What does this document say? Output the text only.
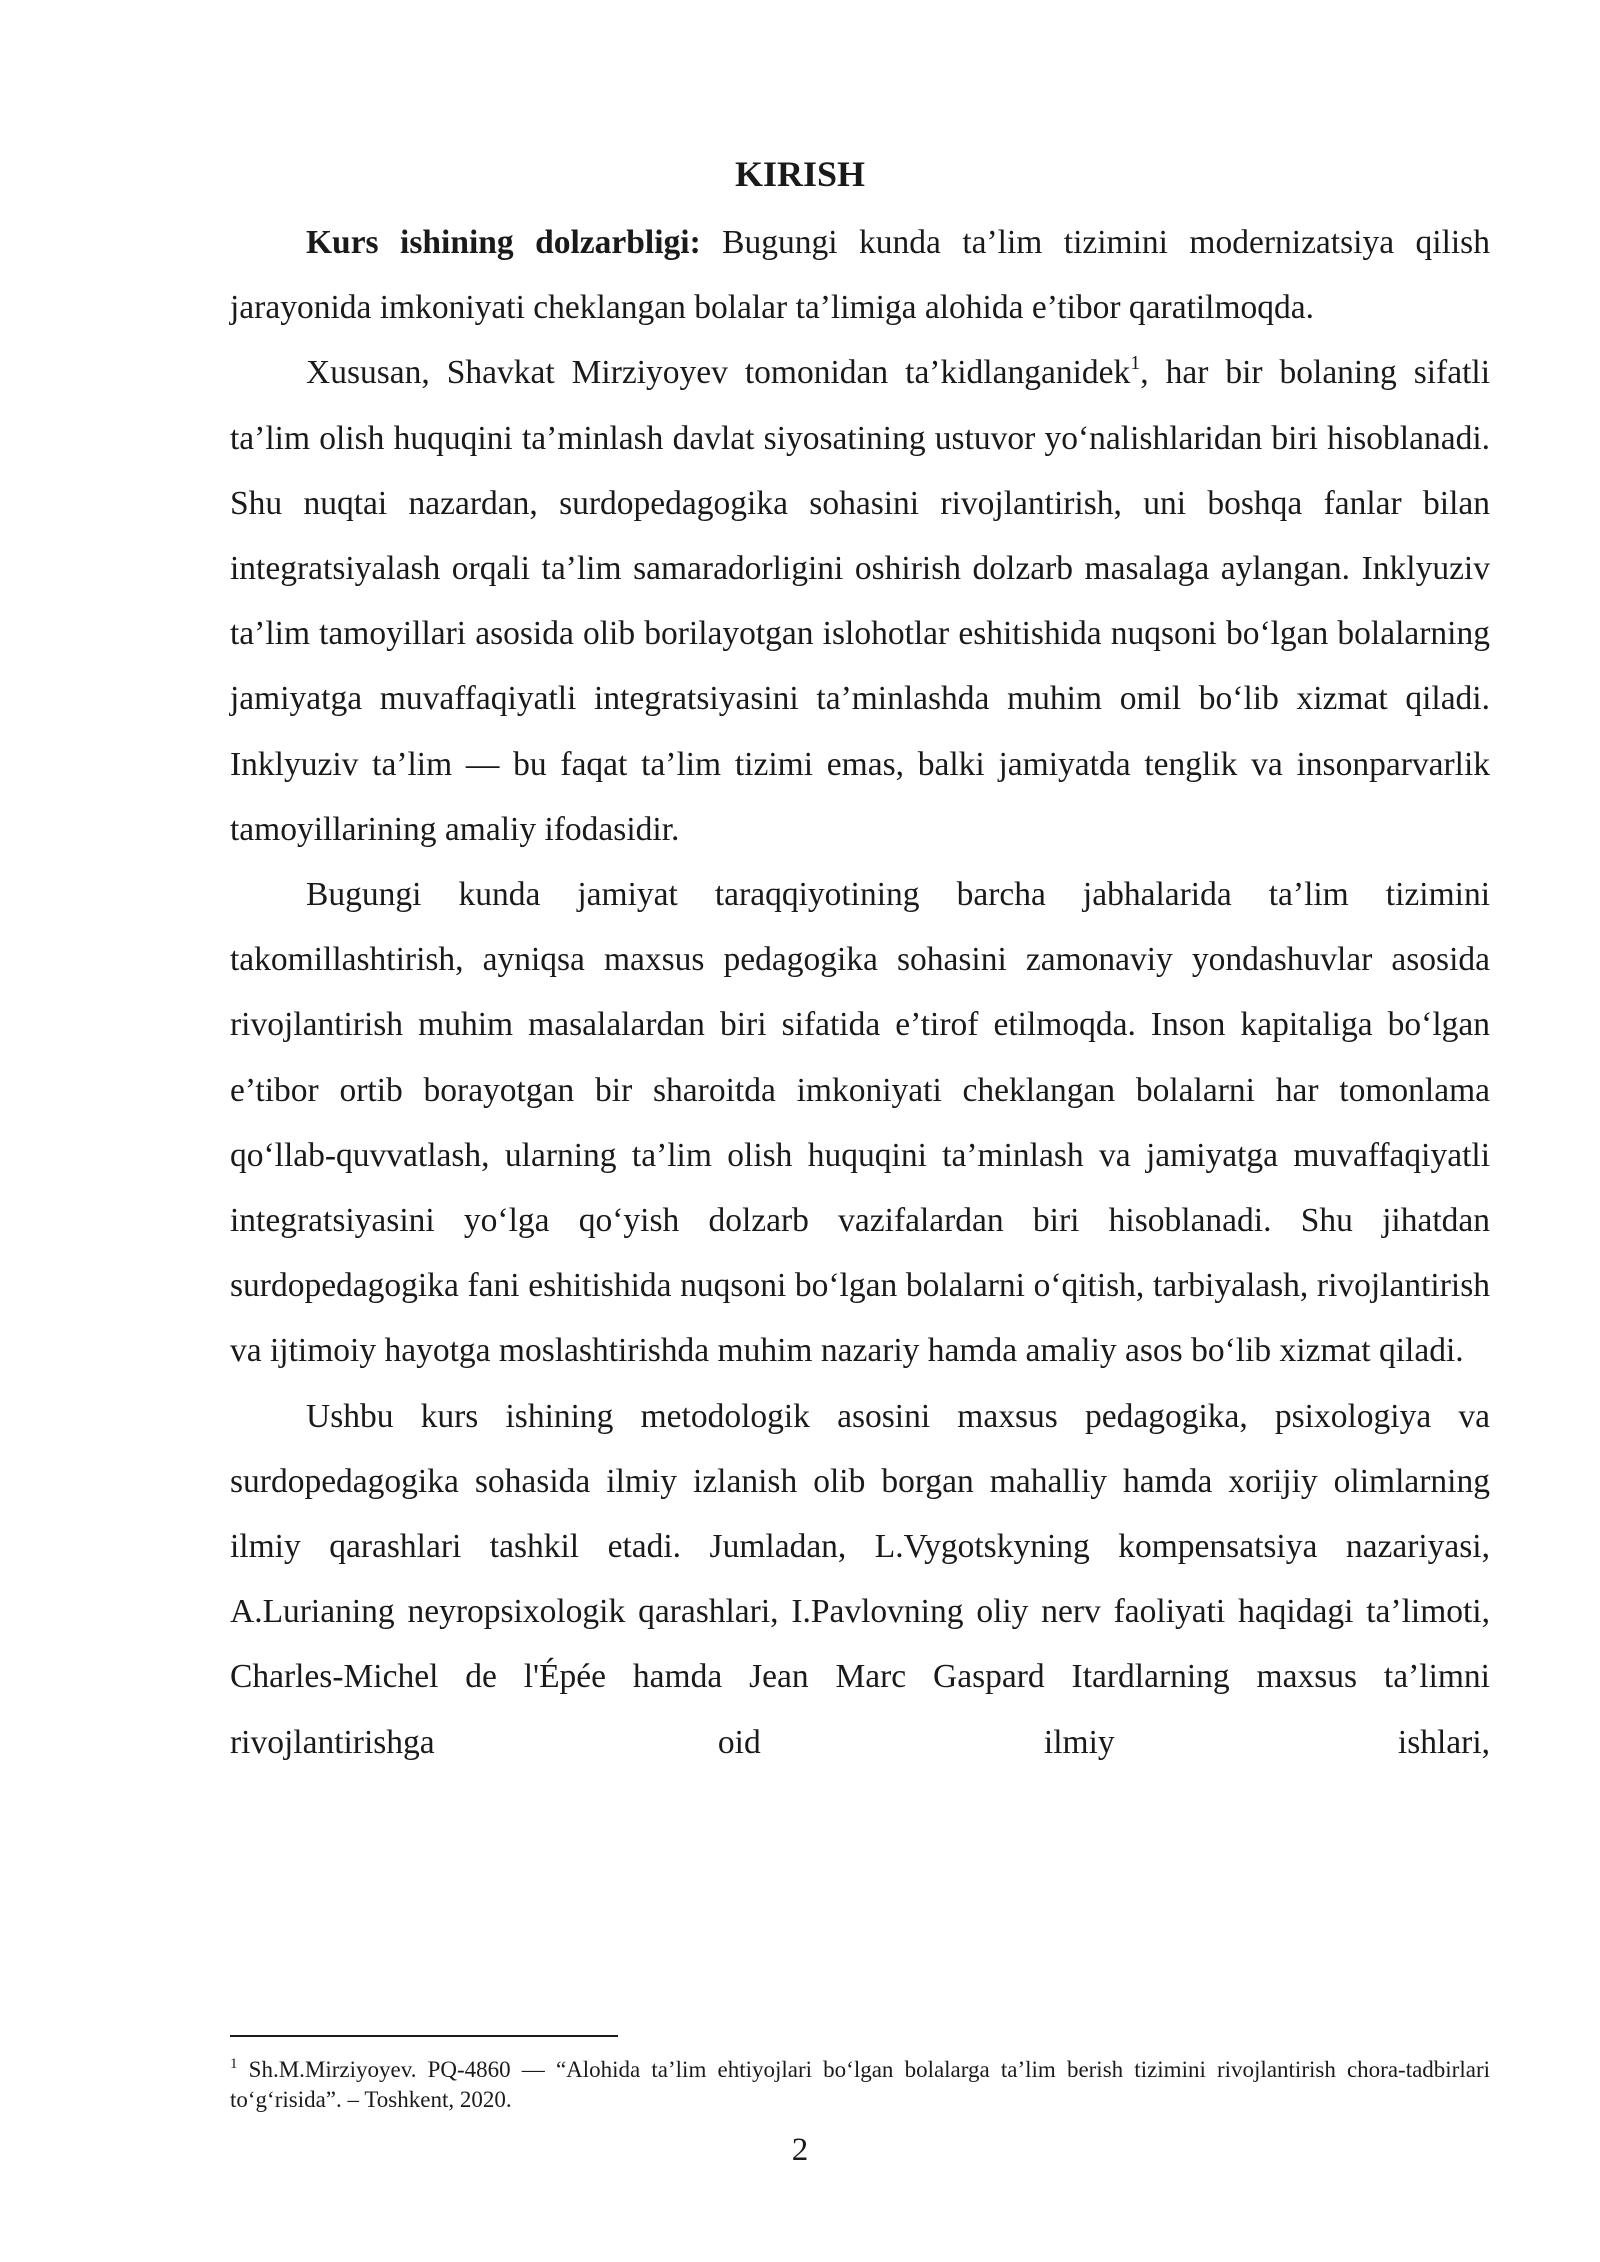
KIRISH

Kurs ishining dolzarbligi: Bugungi kunda ta’lim tizimini modernizatsiya qilish jarayonida imkoniyati cheklangan bolalar ta’limiga alohida e’tibor qaratilmoqda.

Xususan, Shavkat Mirziyoyev tomonidan ta’kidlanganidek$^1$, har bir bolaning sifatli ta’lim olish huquqini ta’minlash davlat siyosatining ustuvor yo‘nalishlaridan biri hisoblanadi. Shu nuqtai nazardan, surdopedagogika sohasini rivojlantirish, uni boshqa fanlar bilan integratsiyalash orqali ta’lim samaradorligini oshirish dolzarb masalaga aylangan. Inklyuziv ta’lim tamoyillari asosida olib borilayotgan islohotlar eshitishida nuqsoni bo‘lgan bolalarning jamiyatga muvaffaqiyatli integratsiyasini ta’minlashda muhim omil bo‘lib xizmat qiladi. Inklyuziv ta’lim — bu faqat ta’lim tizimi emas, balki jamiyatda tenglik va insonparvarlik tamoyillarining amaliy ifodasidir.

Bugungi kunda jamiyat taraqqiyotining barcha jabhalarida ta’lim tizimini takomillashtirish, ayniqsa maxsus pedagogika sohasini zamonaviy yondashuvlar asosida rivojlantirish muhim masalalardan biri sifatida e’tirof etilmoqda. Inson kapitaliga bo‘lgan e’tibor ortib borayotgan bir sharoitda imkoniyati cheklangan bolalarni har tomonlama qo‘llab-quvvatlash, ularning ta’lim olish huquqini ta’minlash va jamiyatga muvaffaqiyatli integratsiyasini yo‘lga qo‘yish dolzarb vazifalardan biri hisoblanadi. Shu jihatdan surdopedagogika fani eshitishida nuqsoni bo‘lgan bolalarni o‘qitish, tarbiyalash, rivojlantirish va ijtimoiy hayotga moslashtirishda muhim nazariy hamda amaliy asos bo‘lib xizmat qiladi.

Ushbu kurs ishining metodologik asosini maxsus pedagogika, psixologiya va surdopedagogika sohasida ilmiy izlanish olib borgan mahalliy hamda xorijiy olimlarning ilmiy qarashlari tashkil etadi. Jumladan, L.Vygotskyning kompensatsiya nazariyasi, A.Lurianing neyropsixologik qarashlari, I.Pavlovning oliy nerv faoliyati haqidagi ta’limoti, Charles-Michel de l'Épée hamda Jean Marc Gaspard Itardlarning maxsus ta’limni rivojlantirishga oid ilmiy ishlari,

$^1$ Sh.M.Mirziyoyev. PQ-4860 — “Alohida ta’lim ehtiyojlari bo‘lgan bolalarga ta’lim berish tizimini rivojlantirish chora-tadbirlari to‘g‘risida”. – Toshkent, 2020.
2
